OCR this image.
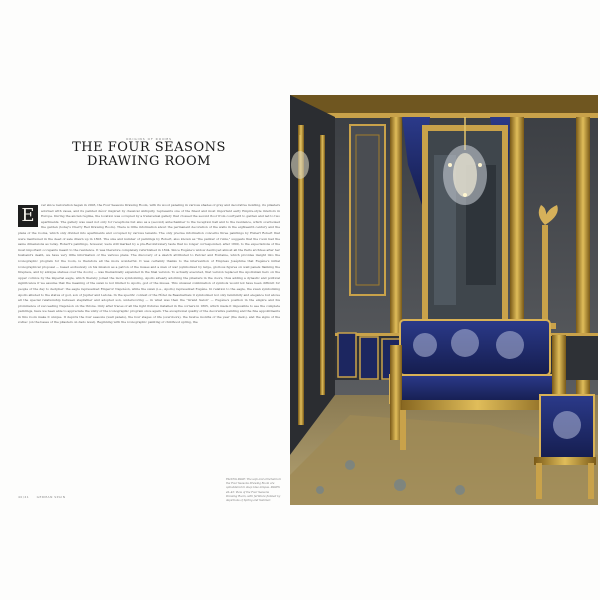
ORIGINS OF ROOMS
THE FOUR SEASONS
DRAWING ROOM
ver since restoration began in 2003, the Four Seasons Drawing Room, with its wood paneling in various shades of gray and decorative molding, its pilasters adorned with vases, and its painted décor inspired by classical Antiquity, represents one of the finest and most important early Empire-style interiors in Europe. During the ancien régime, the location was occupied by a transversal gallery that crossed the second floor from courtyard to garden and led to two apartments. The gallery was used not only for receptions but also as a (second) antechamber to the reception hall and to the residence, which overlooked the garden (today's Cherry Red Drawing Room). There is little information about the permanent decoration of the walls in the eighteenth century and the plans of the rooms, which only divided into apartments and occupied by various tenants. The only precise information concerns three paintings by Hubert Robert that were mentioned in the deed of sale drawn up in 1803. The size and number of paintings by Robert, also known as "the painter of ruins," suggests that the room had the same dimensions as today. Robert's paintings, however, were still marked by a pre-Revolutionary taste that no longer corresponded, after 1800, to the expectations of the most important occupants meant to the residence. It was therefore completely refurbished in 1804. Since Eugène's widow destroyed almost all the Paris archives after her husband's death, we have very little information of the various plans. The discovery of a sketch attributed to Percier and Fontaine, which provides insight into the iconographic program for the room, is therefore all the more wonderful. It was certainly thanks to the intervention of Empress Joséphine that Eugène's initial iconographical proposal — based exclusively on his mission as a patron of the muses and a man of war (symbolized by large, glorious figures on wall panels flanking the fireplace, and by antique statues over the doors) — was thematically expanded in the final version. To actually executed, that version replaced the Apollonian hero on the upper cornice by the imperial eagle, which thereby joined the more symbolizing, Apollo already adorning the pilasters in the doors, thus adding a dynastic and political significance if we assume that the meaning of the swan is not limited to Apollo, god of the muses. This unusual combination of symbols would not have been difficult for people of the day to decipher: the eagle represented Emperor Napoléon, while the swan (i.e., Apollo) represented Eugène. In relation to the eagle, the swan symbolizing Apollo alluded to the status of god, son of Jupiter and Latona. In the specific context of the Hôtel de Beauharnais it symbolized not only femininity and elegance but above all the special relationship between stepfather and adopted son, underscoring — in what was then the "Grand Salon" — Eugène's position in the empire and his prominence of succeeding Napoléon on the throne. Only after traces of all the light fixtures installed in the corners in 1805, which made it impossible to see the complete paintings, have we been able to appreciate the unity of the iconographic program once again. The exceptional quality of the decorative painting and the fine appointments in this room make it unique. It depicts the four seasons (wall panels), the four stages of life (overdoors), the twelve months of the year (the dado), and the signs of the zodiac (on the bases of the pilasters on dado level). Beginning with the iconographic painting of childhood spring, the
E
FACING PAGE: The sofa and armchairs in the Four Seasons Drawing Room are upholstered in deep blue lampas. PAGES 42–43: View of the Four Seasons Drawing Room, with furniture flanked by depictions of Spring and Summer.
40/41 GERMAN SPAIN
